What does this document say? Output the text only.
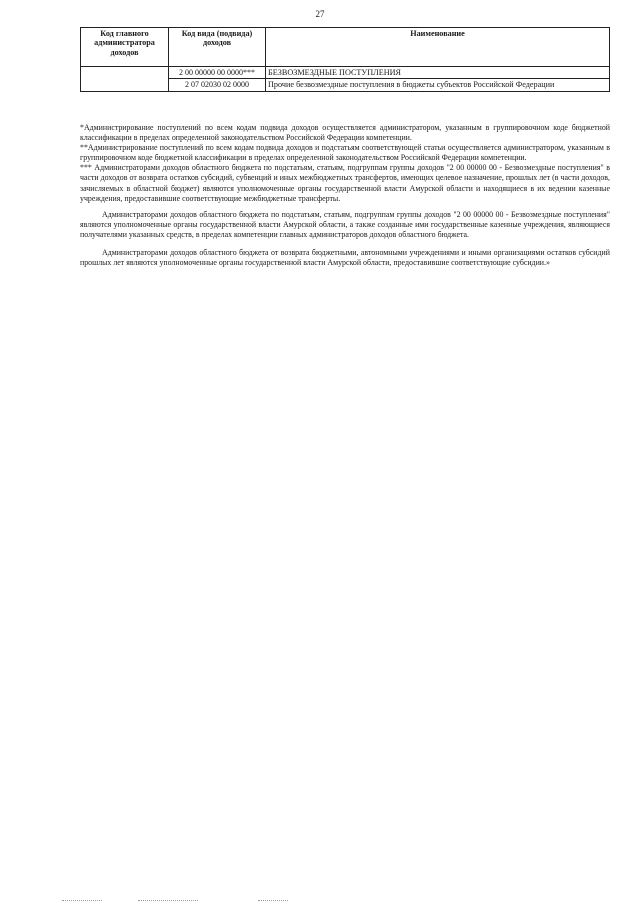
27
Код главного администратора доходов	Код вида (подвида) доходов	Наименование
	2 00 00000 00 0000***	БЕЗВОЗМЕЗДНЫЕ ПОСТУПЛЕНИЯ
	2 07 02030 02 0000	Прочие безвозмездные поступления в бюджеты субъектов Российской Федерации

*Администрирование поступлений по всем кодам подвида доходов осуществляется администратором, указанным в группировочном коде бюджетной классификации в пределах определенной законодательством Российской Федерации компетенции.

**Администрирование поступлений по всем кодам подвида доходов и подстатьям соответствующей статьи осуществляется администратором, указанным в группировочном коде бюджетной классификации в пределах определенной законодательством Российской Федерации компетенции.

*** Администраторами доходов областного бюджета по подстатьям, статьям, подгруппам группы доходов "2 00 00000 00 - Безвозмездные поступления" в части доходов от возврата остатков субсидий, субвенций и иных межбюджетных трансфертов, имеющих целевое назначение, прошлых лет (в части доходов, зачисляемых в областной бюджет) являются уполномоченные органы государственной власти Амурской области и находящиеся в их ведении казенные учреждения, предоставившие соответствующие межбюджетные трансферты.

Администраторами доходов областного бюджета по подстатьям, статьям, подгруппам группы доходов "2 00 00000 00 - Безвозмездные поступления" являются уполномоченные органы государственной власти Амурской области, а также созданные ими государственные казенные учреждения, являющиеся получателями указанных средств, в пределах компетенции главных администраторов доходов областного бюджета.

Администраторами доходов областного бюджета от возврата бюджетными, автономными учреждениями и иными организациями остатков субсидий прошлых лет являются уполномоченные органы государственной власти Амурской области, предоставившие соответствующие субсидии.»
